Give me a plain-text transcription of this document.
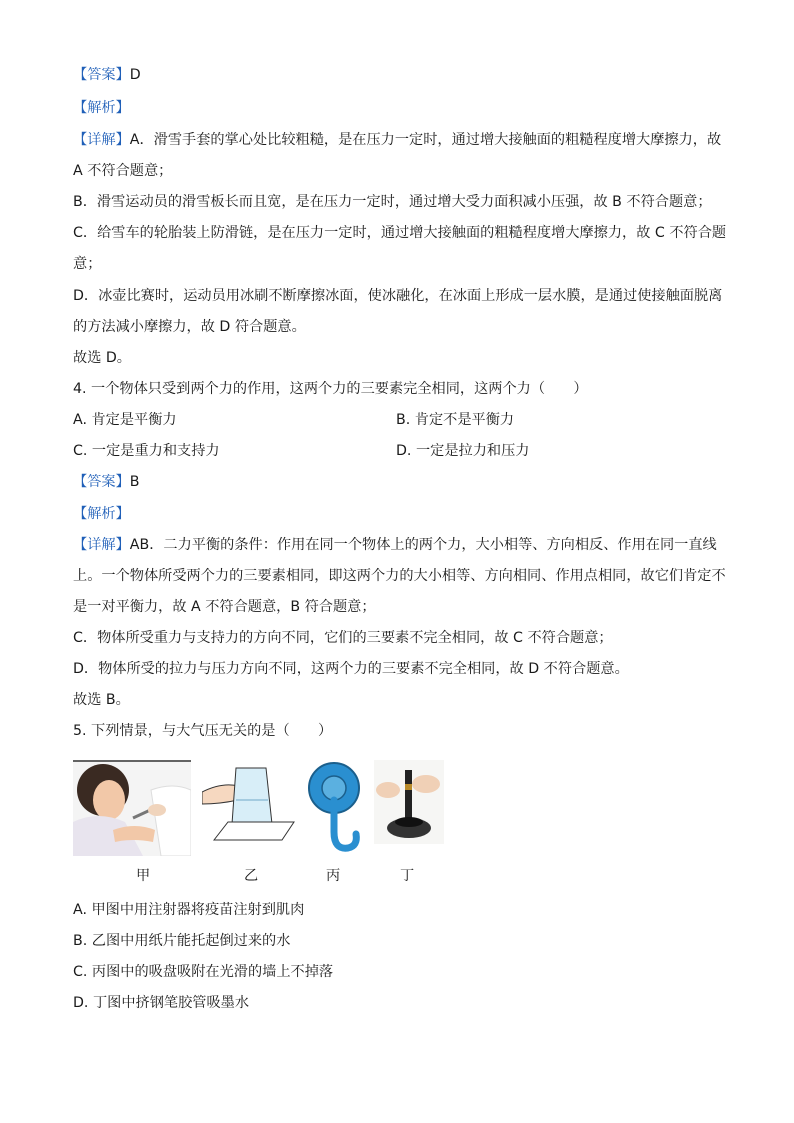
【答案】D
【解析】
【详解】A．滑雪手套的掌心处比较粗糙，是在压力一定时，通过增大接触面的粗糙程度增大摩擦力，故
A 不符合题意；
B．滑雪运动员的滑雪板长而且宽，是在压力一定时，通过增大受力面积减小压强，故 B 不符合题意；
C．给雪车的轮胎装上防滑链，是在压力一定时，通过增大接触面的粗糙程度增大摩擦力，故 C 不符合题
意；
D．冰壶比赛时，运动员用冰刷不断摩擦冰面，使冰融化，在冰面上形成一层水膜，是通过使接触面脱离
的方法减小摩擦力，故 D 符合题意。
故选 D。
4. 一个物体只受到两个力的作用，这两个力的三要素完全相同，这两个力（　　）
A. 肯定是平衡力	B. 肯定不是平衡力
C. 一定是重力和支持力	D. 一定是拉力和压力
【答案】B
【解析】
【详解】AB．二力平衡的条件：作用在同一个物体上的两个力，大小相等、方向相反、作用在同一直线
上。一个物体所受两个力的三要素相同，即这两个力的大小相等、方向相同、作用点相同，故它们肯定不
是一对平衡力，故 A 不符合题意，B 符合题意；
C．物体所受重力与支持力的方向不同，它们的三要素不完全相同，故 C 不符合题意；
D．物体所受的拉力与压力方向不同，这两个力的三要素不完全相同，故 D 不符合题意。
故选 B。
5. 下列情景，与大气压无关的是（　　）
甲	乙	丙	丁
A. 甲图中用注射器将疫苗注射到肌肉
B. 乙图中用纸片能托起倒过来的水
C. 丙图中的吸盘吸附在光滑的墙上不掉落
D. 丁图中挤钢笔胶管吸墨水
